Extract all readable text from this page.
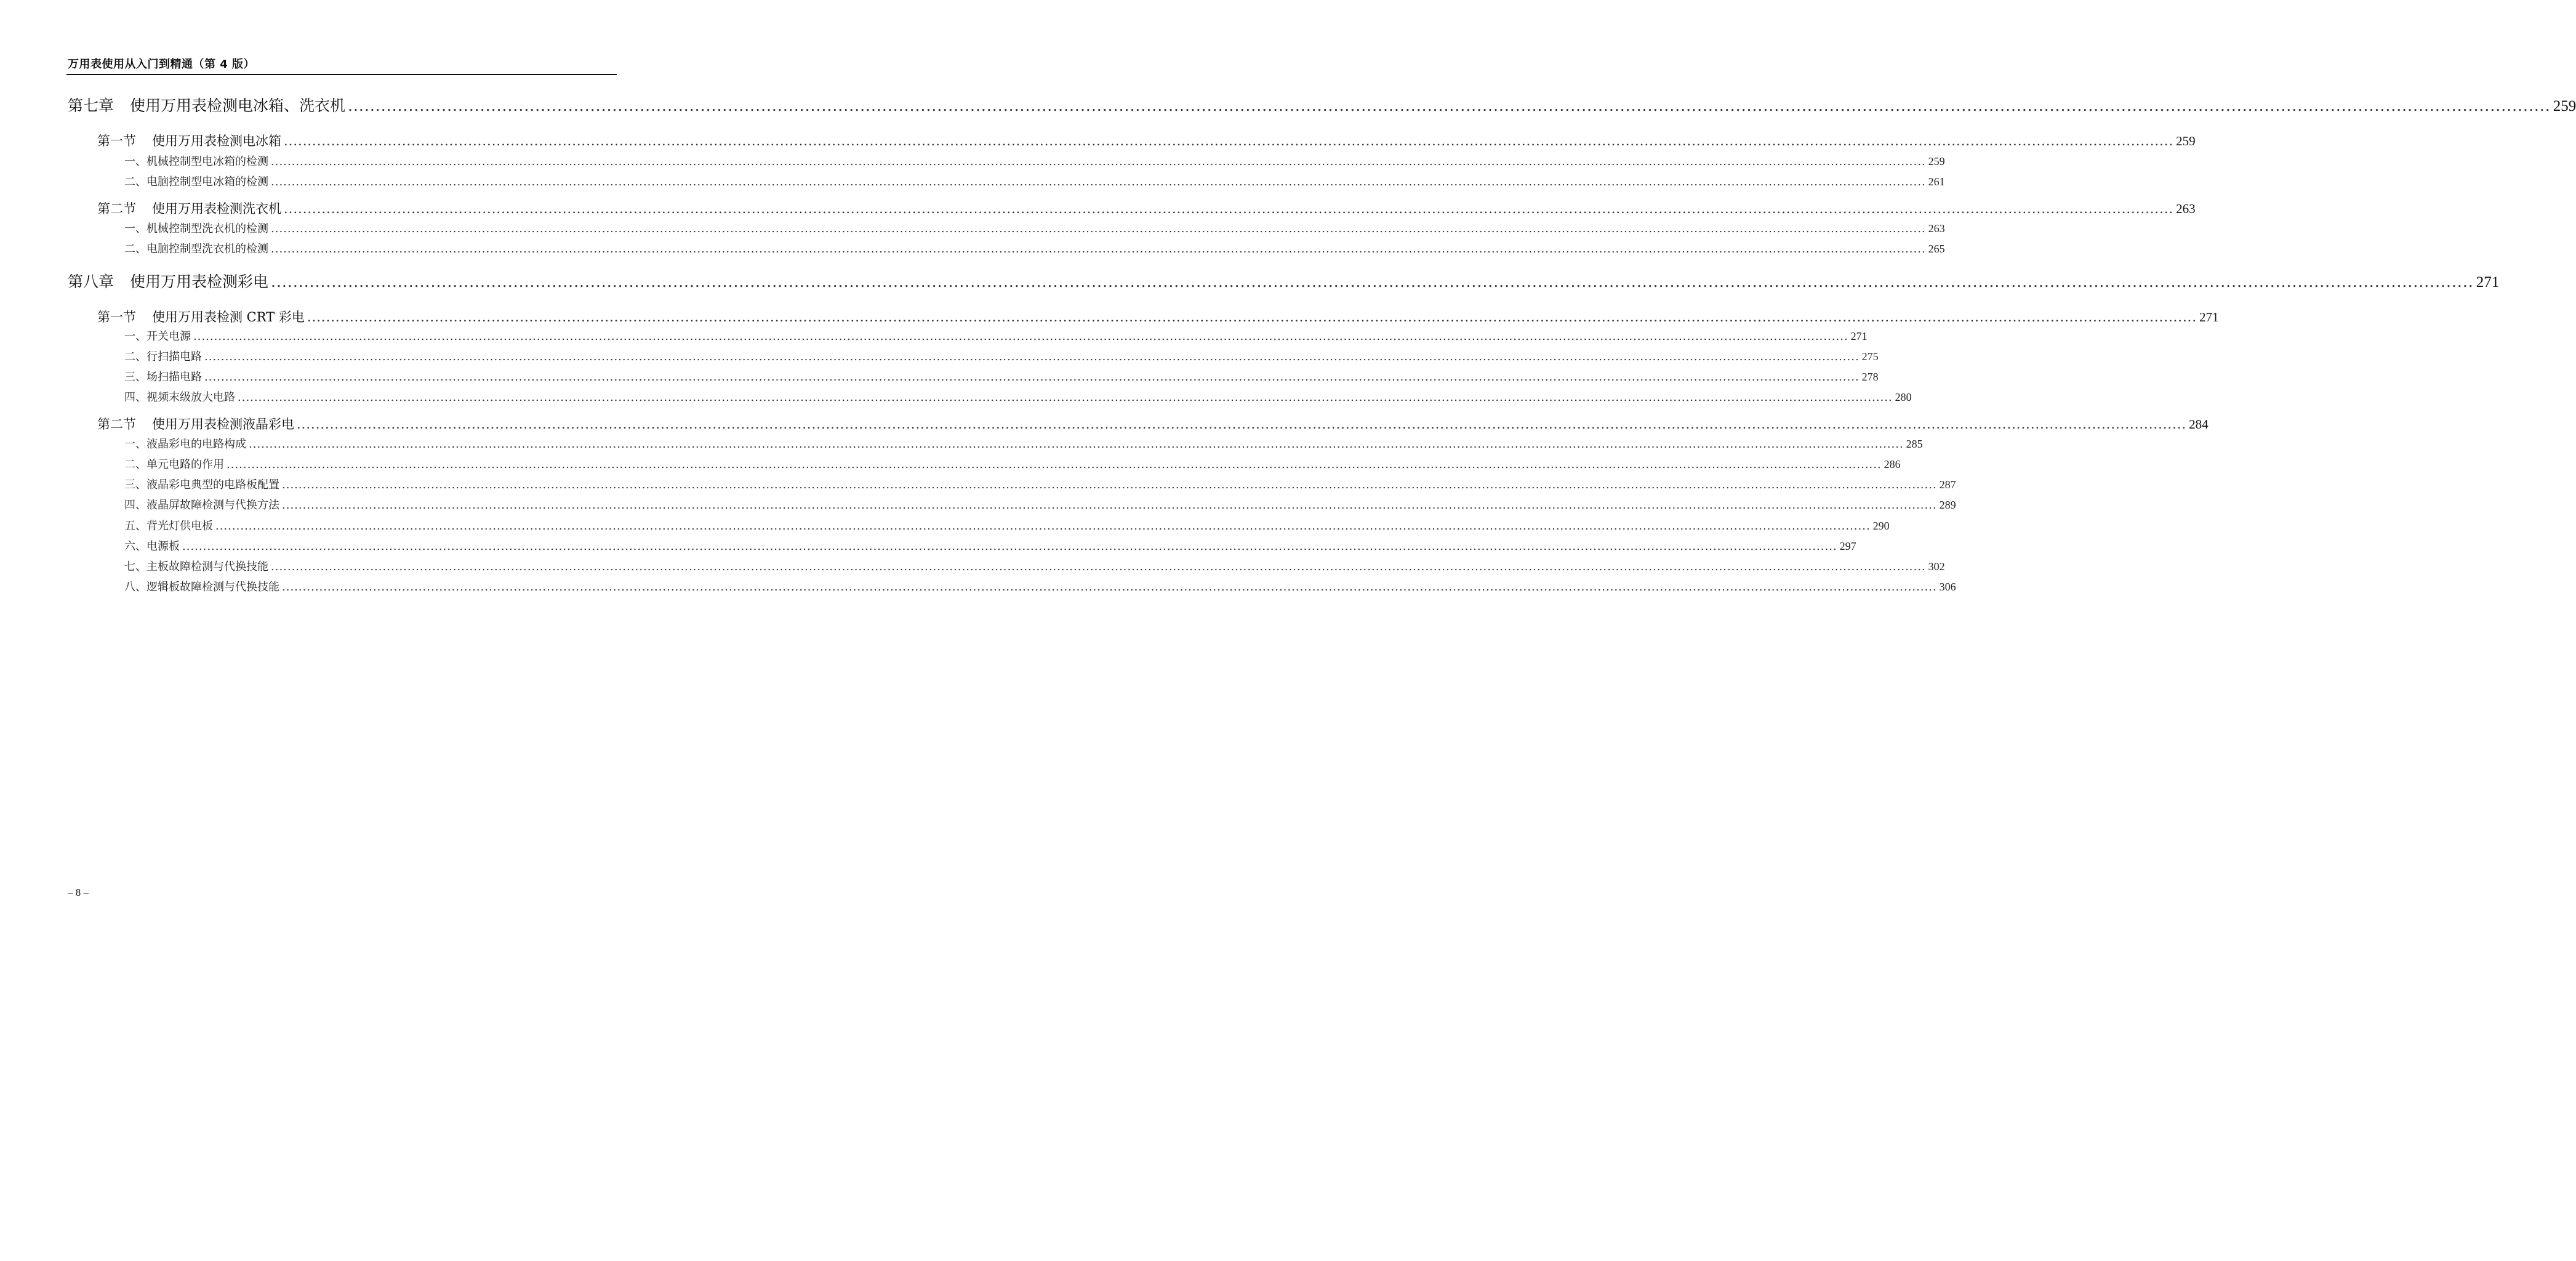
万用表使用从入门到精通（第 4 版）
第七章 使用万用表检测电冰箱、洗衣机 ................................................................................................................................................................................................................................................................................................................................................................................................................ 259
第一节 使用万用表检测电冰箱 ................................................................................................................................................................................................................................................................................................................................................................................................................ 259
一、机械控制型电冰箱的检测 ................................................................................................................................................................................................................................................................................................................................................................................................................ 259
二、电脑控制型电冰箱的检测 ................................................................................................................................................................................................................................................................................................................................................................................................................ 261
第二节 使用万用表检测洗衣机 ................................................................................................................................................................................................................................................................................................................................................................................................................ 263
一、机械控制型洗衣机的检测 ................................................................................................................................................................................................................................................................................................................................................................................................................ 263
二、电脑控制型洗衣机的检测 ................................................................................................................................................................................................................................................................................................................................................................................................................ 265
第八章 使用万用表检测彩电 ................................................................................................................................................................................................................................................................................................................................................................................................................ 271
第一节 使用万用表检测 CRT 彩电 ................................................................................................................................................................................................................................................................................................................................................................................................................ 271
一、开关电源 ................................................................................................................................................................................................................................................................................................................................................................................................................ 271
二、行扫描电路 ................................................................................................................................................................................................................................................................................................................................................................................................................ 275
三、场扫描电路 ................................................................................................................................................................................................................................................................................................................................................................................................................ 278
四、视频末级放大电路 ................................................................................................................................................................................................................................................................................................................................................................................................................ 280
第二节 使用万用表检测液晶彩电 ................................................................................................................................................................................................................................................................................................................................................................................................................ 284
一、液晶彩电的电路构成 ................................................................................................................................................................................................................................................................................................................................................................................................................ 285
二、单元电路的作用 ................................................................................................................................................................................................................................................................................................................................................................................................................ 286
三、液晶彩电典型的电路板配置 ................................................................................................................................................................................................................................................................................................................................................................................................................ 287
四、液晶屏故障检测与代换方法 ................................................................................................................................................................................................................................................................................................................................................................................................................ 289
五、背光灯供电板 ................................................................................................................................................................................................................................................................................................................................................................................................................ 290
六、电源板 ................................................................................................................................................................................................................................................................................................................................................................................................................ 297
七、主板故障检测与代换技能 ................................................................................................................................................................................................................................................................................................................................................................................................................ 302
八、逻辑板故障检测与代换技能 ................................................................................................................................................................................................................................................................................................................................................................................................................ 306
– 8 –
